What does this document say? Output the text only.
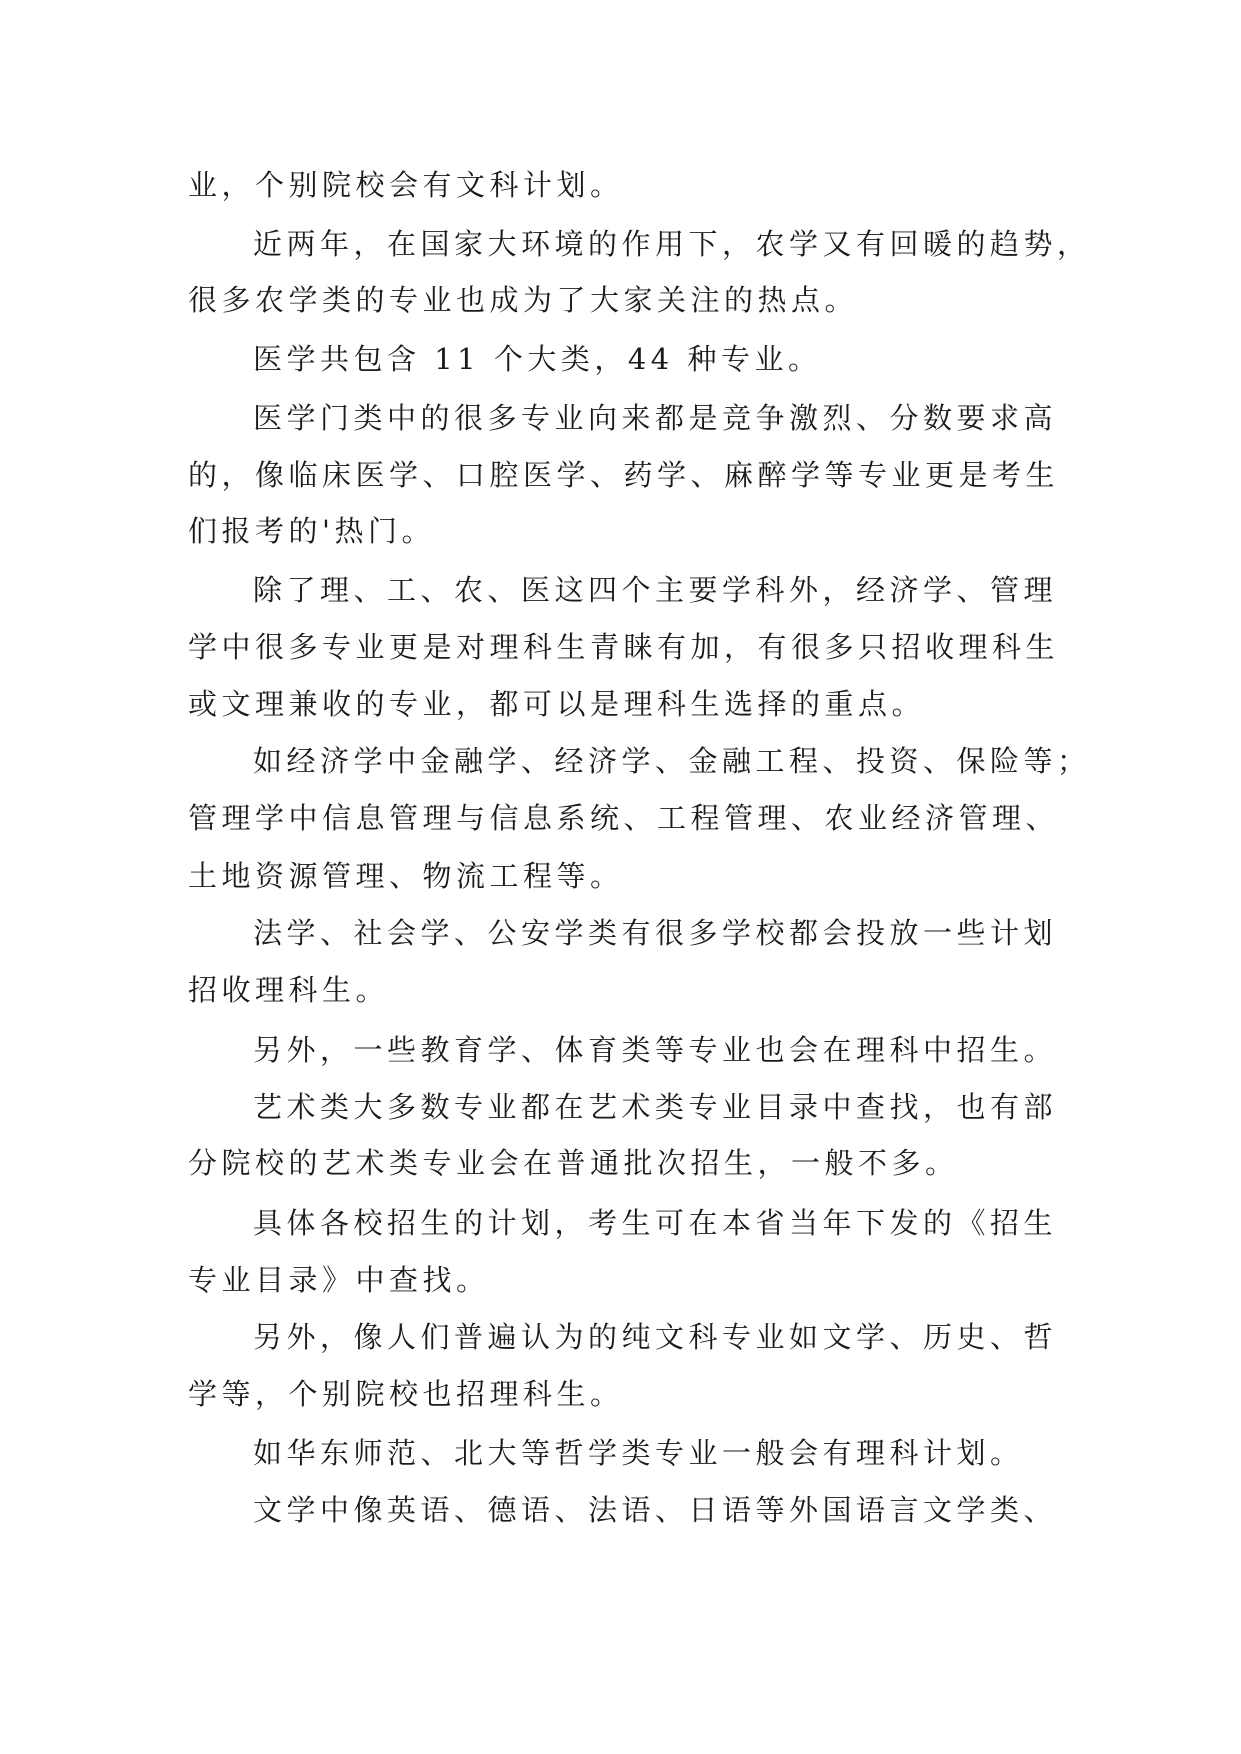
业，个别院校会有文科计划。
近两年，在国家大环境的作用下，农学又有回暖的趋势，
很多农学类的专业也成为了大家关注的热点。
医学共包含 11 个大类，44 种专业。
医学门类中的很多专业向来都是竞争激烈、分数要求高
的，像临床医学、口腔医学、药学、麻醉学等专业更是考生
们报考的'热门。
除了理、工、农、医这四个主要学科外，经济学、管理
学中很多专业更是对理科生青睐有加，有很多只招收理科生
或文理兼收的专业，都可以是理科生选择的重点。
如经济学中金融学、经济学、金融工程、投资、保险等；
管理学中信息管理与信息系统、工程管理、农业经济管理、
土地资源管理、物流工程等。
法学、社会学、公安学类有很多学校都会投放一些计划
招收理科生。
另外，一些教育学、体育类等专业也会在理科中招生。
艺术类大多数专业都在艺术类专业目录中查找，也有部
分院校的艺术类专业会在普通批次招生，一般不多。
具体各校招生的计划，考生可在本省当年下发的《招生
专业目录》中查找。
另外，像人们普遍认为的纯文科专业如文学、历史、哲
学等，个别院校也招理科生。
如华东师范、北大等哲学类专业一般会有理科计划。
文学中像英语、德语、法语、日语等外国语言文学类、
